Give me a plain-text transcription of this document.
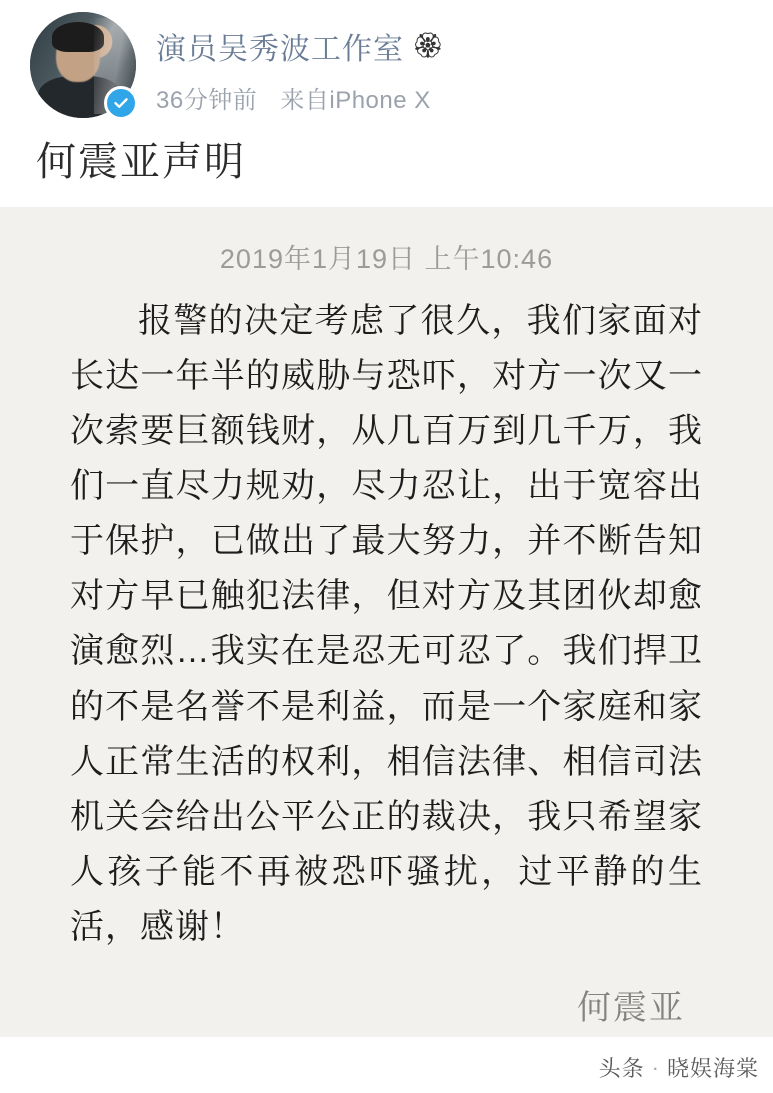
演员吴秀波工作室 🏵
36分钟前 来自iPhone X
何震亚声明
2019年1月19日 上午10:46
报警的决定考虑了很久，我们家面对长达一年半的威胁与恐吓，对方一次又一次索要巨额钱财，从几百万到几千万，我们一直尽力规劝，尽力忍让，出于宽容出于保护，已做出了最大努力，并不断告知对方早已触犯法律，但对方及其团伙却愈演愈烈…我实在是忍无可忍了。我们捍卫的不是名誉不是利益，而是一个家庭和家人正常生活的权利，相信法律、相信司法机关会给出公平公正的裁决，我只希望家人孩子能不再被恐吓骚扰，过平静的生活，感谢！
何震亚
头条 · 晓娱海棠
